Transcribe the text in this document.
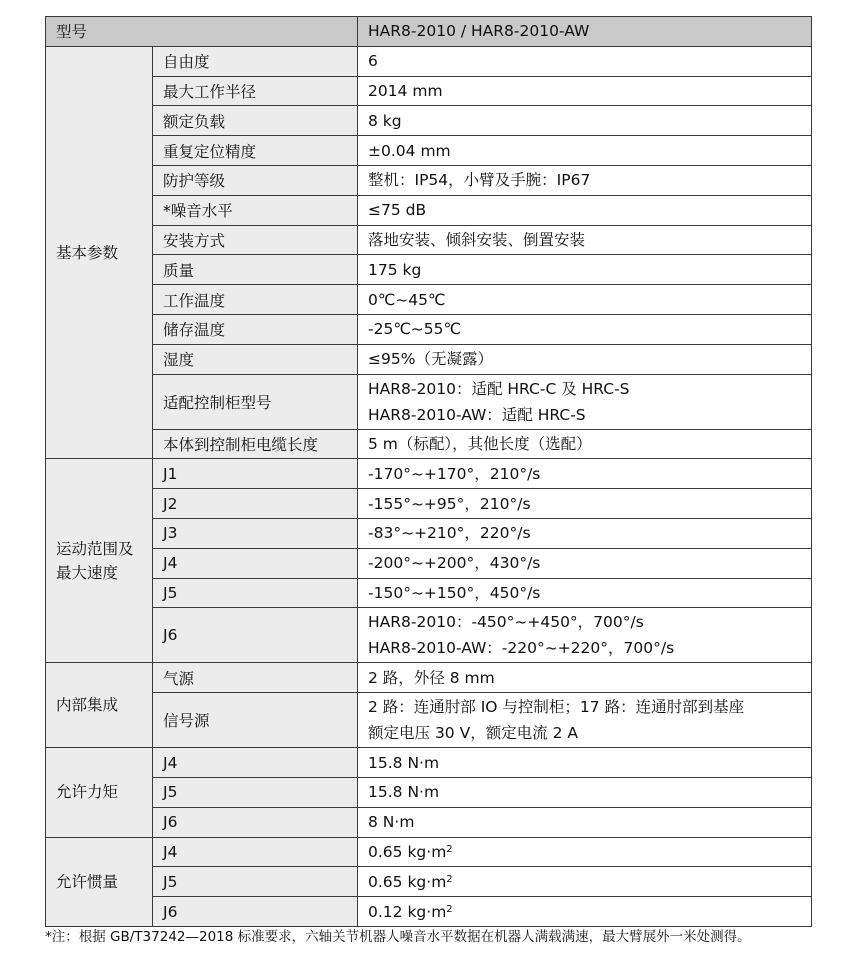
型号		HAR8-2010 / HAR8-2010-AW

基本参数	自由度	6

	最大工作半径	2014 mm

	额定负载	8 kg

	重复定位精度	±0.04 mm

	防护等级	整机：IP54，小臂及手腕：IP67

	*噪音水平	≤75 dB

	安装方式	落地安装、倾斜安装、倒置安装

	质量	175 kg

	工作温度	0℃~45℃

	储存温度	-25℃~55℃

	湿度	≤95%（无凝露）

	适配控制柜型号	HAR8-2010：适配 HRC-C 及 HRC-S
HAR8-2010-AW：适配 HRC-S

	本体到控制柜电缆长度	5 m（标配），其他长度（选配）

运动范围及
最大速度	J1	-170°~+170°，210°/s

	J2	-155°~+95°，210°/s

	J3	-83°~+210°，220°/s

	J4	-200°~+200°，430°/s

	J5	-150°~+150°，450°/s

	J6	HAR8-2010：-450°~+450°，700°/s
HAR8-2010-AW：-220°~+220°，700°/s

内部集成	气源	2 路，外径 8 mm

	信号源	2 路：连通肘部 IO 与控制柜；17 路：连通肘部到基座
额定电压 30 V，额定电流 2 A

允许力矩	J4	15.8 N·m

	J5	15.8 N·m

	J6	8 N·m

允许惯量	J4	0.65 $kg\cdot m^2$

	J5	0.65 $kg\cdot m^2$

	J6	0.12 $kg\cdot m^2$
*注：根据 GB/T37242—2018 标准要求，六轴关节机器人噪音水平数据在机器人满载满速，最大臂展外一米处测得。
